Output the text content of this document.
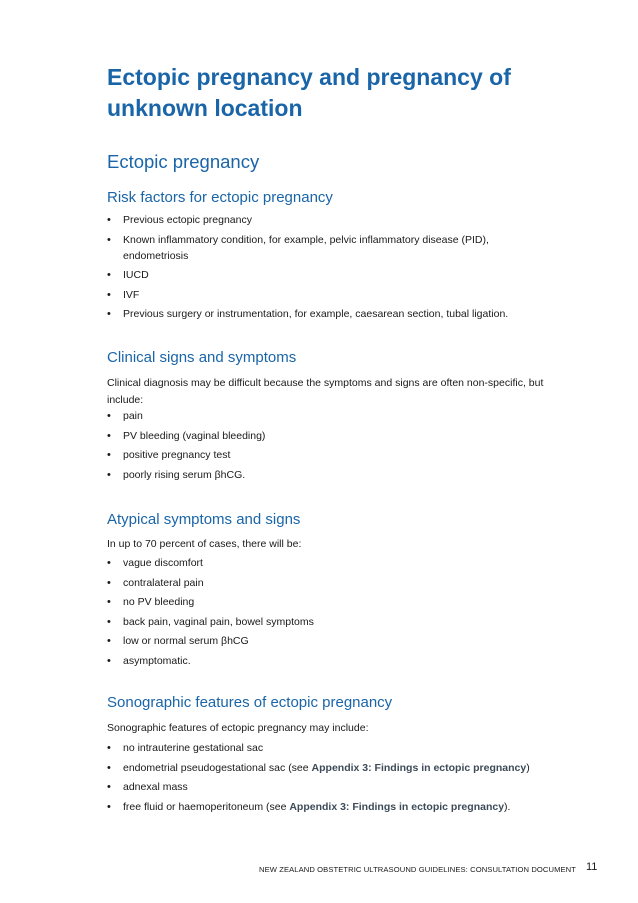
Ectopic pregnancy and pregnancy of unknown location
Ectopic pregnancy
Risk factors for ectopic pregnancy
• Previous ectopic pregnancy
• Known inflammatory condition, for example, pelvic inflammatory disease (PID), endometriosis
• IUCD
• IVF
• Previous surgery or instrumentation, for example, caesarean section, tubal ligation.
Clinical signs and symptoms

Clinical diagnosis may be difficult because the symptoms and signs are often non-specific, but include:

• pain
• PV bleeding (vaginal bleeding)
• positive pregnancy test
• poorly rising serum βhCG.
Atypical symptoms and signs

In up to 70 percent of cases, there will be:

• vague discomfort
• contralateral pain
• no PV bleeding
• back pain, vaginal pain, bowel symptoms
• low or normal serum βhCG
• asymptomatic.
Sonographic features of ectopic pregnancy

Sonographic features of ectopic pregnancy may include:

• no intrauterine gestational sac
• endometrial pseudogestational sac (see Appendix 3: Findings in ectopic pregnancy)
• adnexal mass
• free fluid or haemoperitoneum (see Appendix 3: Findings in ectopic pregnancy).
NEW ZEALAND OBSTETRIC ULTRASOUND GUIDELINES: CONSULTATION DOCUMENT 11
